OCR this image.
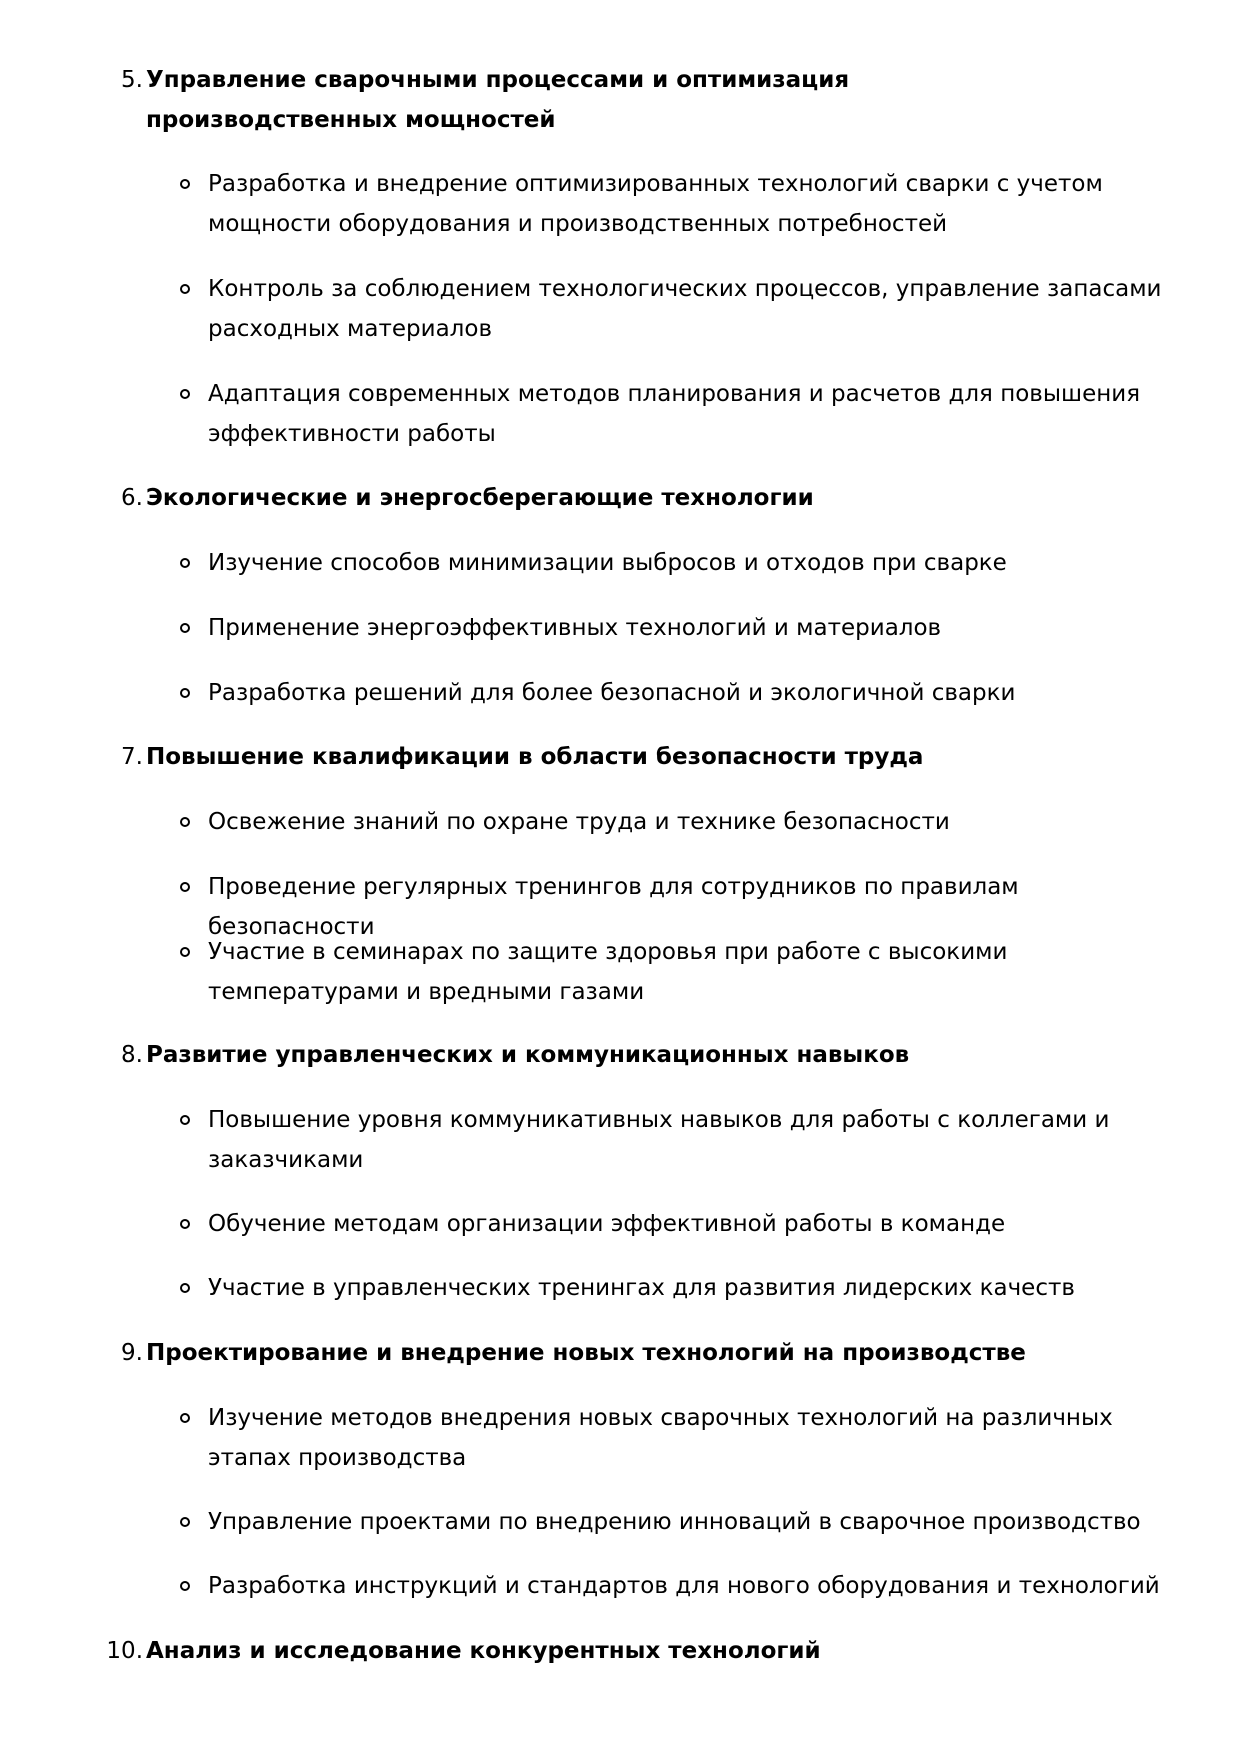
5. Управление сварочными процессами и оптимизация производственных мощностей

Разработка и внедрение оптимизированных технологий сварки с учетом мощности оборудования и производственных потребностей

Контроль за соблюдением технологических процессов, управление запасами расходных материалов

Адаптация современных методов планирования и расчетов для повышения эффективности работы

6. Экологические и энергосберегающие технологии

Изучение способов минимизации выбросов и отходов при сварке

Применение энергоэффективных технологий и материалов

Разработка решений для более безопасной и экологичной сварки

7. Повышение квалификации в области безопасности труда

Освежение знаний по охране труда и технике безопасности

Проведение регулярных тренингов для сотрудников по правилам безопасности

Участие в семинарах по защите здоровья при работе с высокими температурами и вредными газами

8. Развитие управленческих и коммуникационных навыков

Повышение уровня коммуникативных навыков для работы с коллегами и заказчиками

Обучение методам организации эффективной работы в команде

Участие в управленческих тренингах для развития лидерских качеств

9. Проектирование и внедрение новых технологий на производстве

Изучение методов внедрения новых сварочных технологий на различных этапах производства

Управление проектами по внедрению инноваций в сварочное производство

Разработка инструкций и стандартов для нового оборудования и технологий

10. Анализ и исследование конкурентных технологий
